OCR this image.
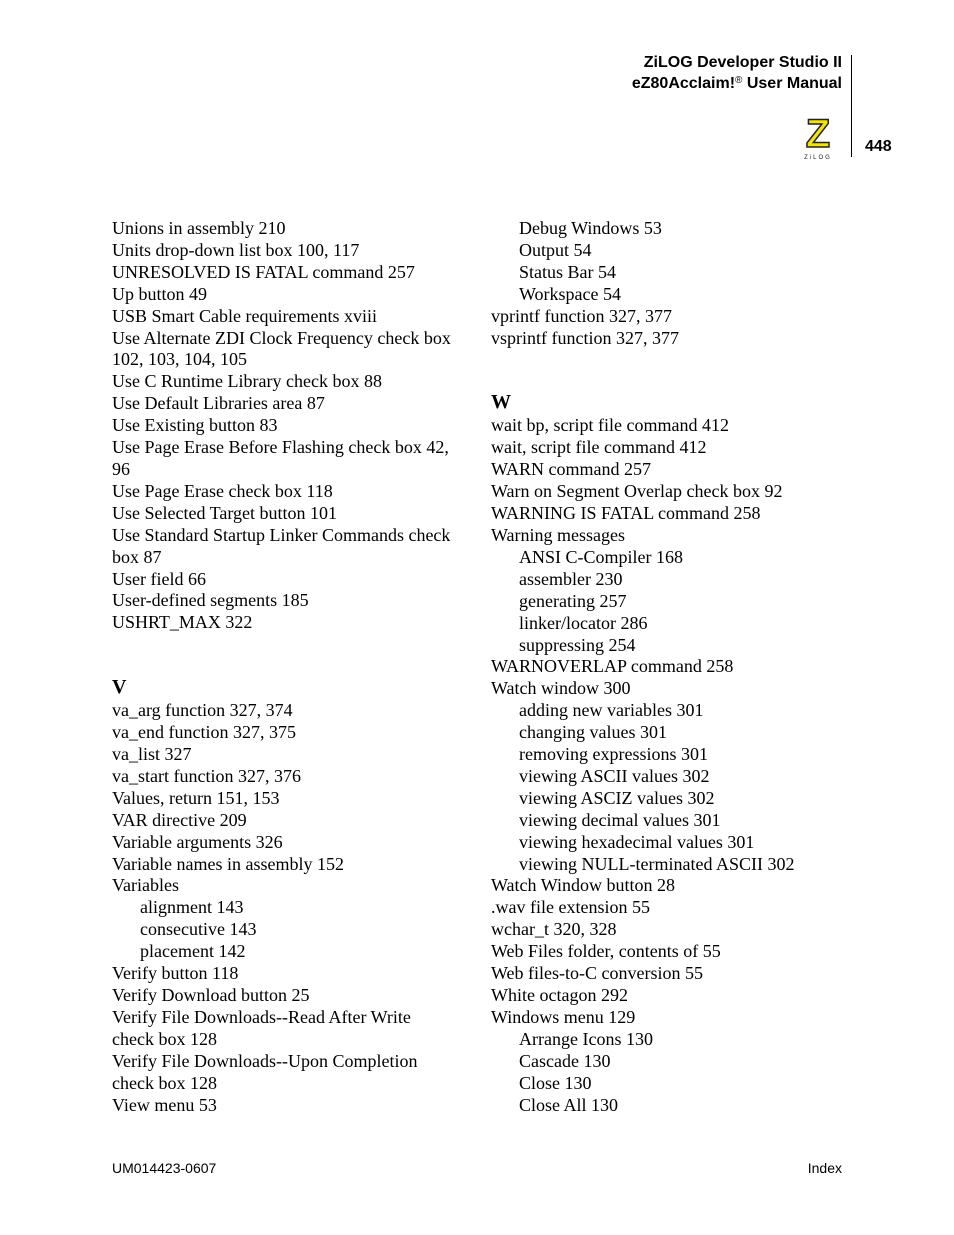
ZiLOG Developer Studio II
eZ80Acclaim!® User Manual
448
Z
ZiLOG
Unions in assembly 210
Units drop-down list box 100, 117
UNRESOLVED IS FATAL command 257
Up button 49
USB Smart Cable requirements xviii
Use Alternate ZDI Clock Frequency check box
102, 103, 104, 105
Use C Runtime Library check box 88
Use Default Libraries area 87
Use Existing button 83
Use Page Erase Before Flashing check box 42,
96
Use Page Erase check box 118
Use Selected Target button 101
Use Standard Startup Linker Commands check
box 87
User field 66
User-defined segments 185
USHRT_MAX 322
V
va_arg function 327, 374
va_end function 327, 375
va_list 327
va_start function 327, 376
Values, return 151, 153
VAR directive 209
Variable arguments 326
Variable names in assembly 152
Variables
alignment 143
consecutive 143
placement 142
Verify button 118
Verify Download button 25
Verify File Downloads--Read After Write
check box 128
Verify File Downloads--Upon Completion
check box 128
View menu 53
Debug Windows 53
Output 54
Status Bar 54
Workspace 54
vprintf function 327, 377
vsprintf function 327, 377
W
wait bp, script file command 412
wait, script file command 412
WARN command 257
Warn on Segment Overlap check box 92
WARNING IS FATAL command 258
Warning messages
ANSI C-Compiler 168
assembler 230
generating 257
linker/locator 286
suppressing 254
WARNOVERLAP command 258
Watch window 300
adding new variables 301
changing values 301
removing expressions 301
viewing ASCII values 302
viewing ASCIZ values 302
viewing decimal values 301
viewing hexadecimal values 301
viewing NULL-terminated ASCII 302
Watch Window button 28
.wav file extension 55
wchar_t 320, 328
Web Files folder, contents of 55
Web files-to-C conversion 55
White octagon 292
Windows menu 129
Arrange Icons 130
Cascade 130
Close 130
Close All 130
UM014423-0607	Index
